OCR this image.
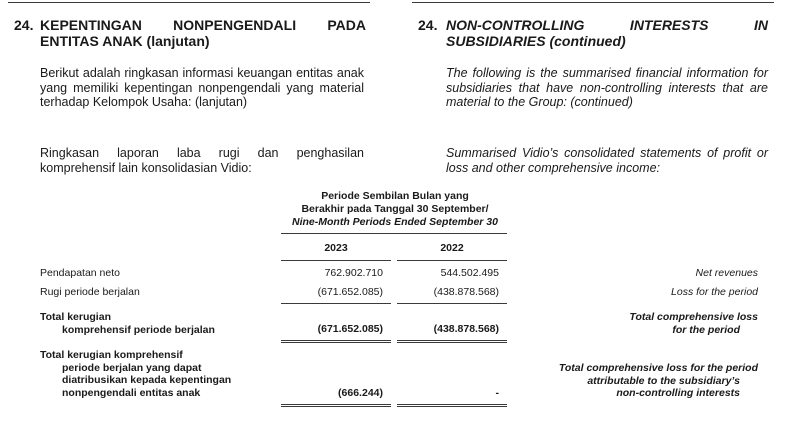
24. KEPENTINGAN NONPENGENDALI PADA
ENTITAS ANAK (lanjutan)
24. NON-CONTROLLING INTERESTS IN
SUBSIDIARIES (continued)
Berikut adalah ringkasan informasi keuangan entitas anak yang memiliki kepentingan nonpengendali yang material terhadap Kelompok Usaha: (lanjutan)
The following is the summarised financial information for subsidiaries that have non-controlling interests that are material to the Group: (continued)
Ringkasan laporan laba rugi dan penghasilan komprehensif lain konsolidasian Vidio:
Summarised Vidio’s consolidated statements of profit or loss and other comprehensive income:
Periode Sembilan Bulan yang
Berakhir pada Tanggal 30 September/
Nine-Month Periods Ended September 30
2023	2022
Pendapatan neto	762.902.710	544.502.495	Net revenues
Rugi periode berjalan	(671.652.085)	(438.878.568)	Loss for the period
Total kerugian
komprehensif periode berjalan	(671.652.085)	(438.878.568)
Total comprehensive loss
for the period
Total kerugian komprehensif
periode berjalan yang dapat
diatribusikan kepada kepentingan
nonpengendali entitas anak	(666.244)	-
Total comprehensive loss for the period
attributable to the subsidiary’s
non-controlling interests
